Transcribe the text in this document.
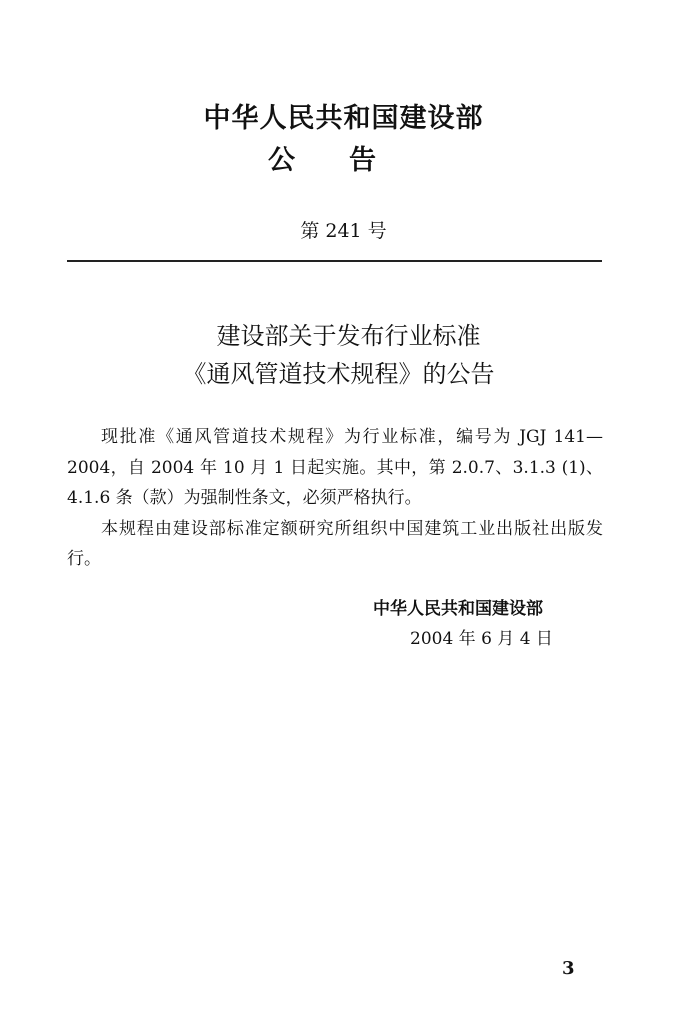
中华人民共和国建设部
公告
第 241 号
建设部关于发布行业标准
《通风管道技术规程》的公告

现批准《通风管道技术规程》为行业标准，编号为 JGJ 141—2004，自 2004 年 10 月 1 日起实施。其中，第 2.0.7、3.1.3 (1)、4.1.6 条（款）为强制性条文，必须严格执行。

本规程由建设部标准定额研究所组织中国建筑工业出版社出版发行。

中华人民共和国建设部
2004 年 6 月 4 日
3
